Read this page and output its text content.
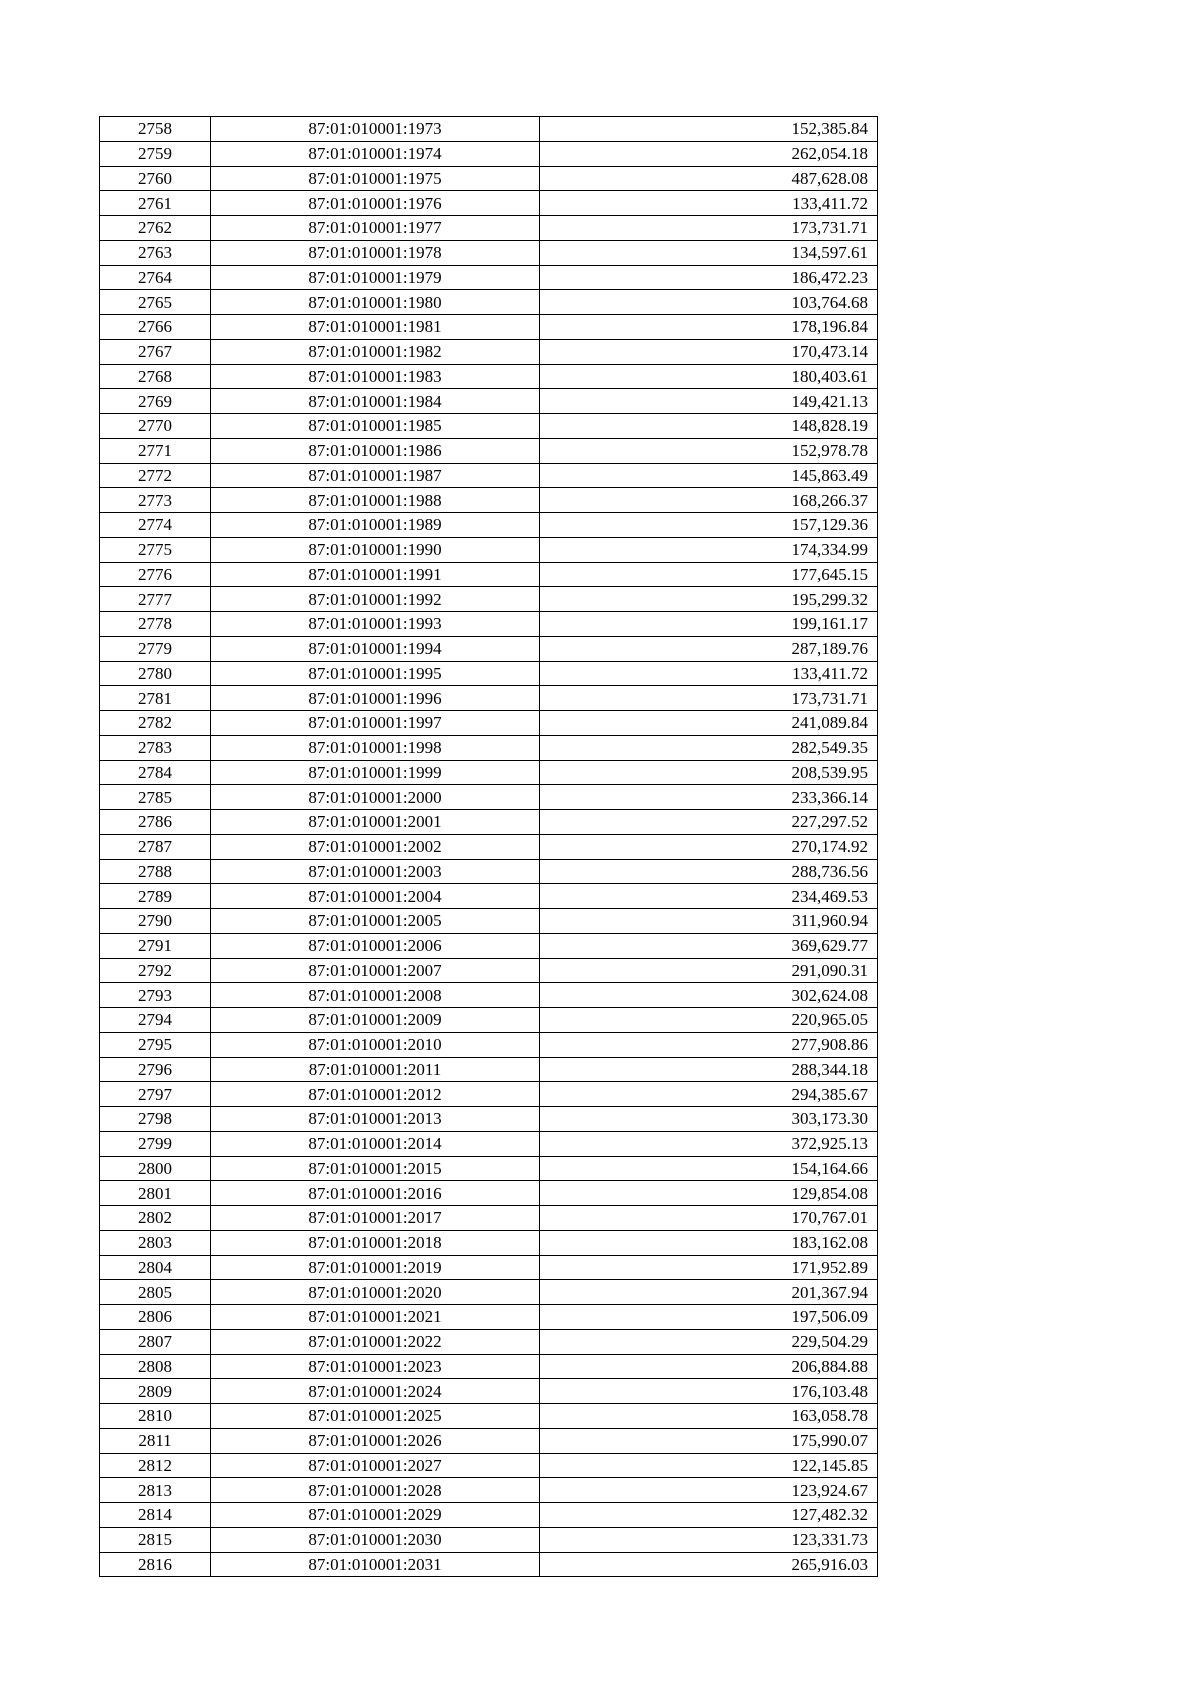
2758	87:01:010001:1973	152,385.84
2759	87:01:010001:1974	262,054.18
2760	87:01:010001:1975	487,628.08
2761	87:01:010001:1976	133,411.72
2762	87:01:010001:1977	173,731.71
2763	87:01:010001:1978	134,597.61
2764	87:01:010001:1979	186,472.23
2765	87:01:010001:1980	103,764.68
2766	87:01:010001:1981	178,196.84
2767	87:01:010001:1982	170,473.14
2768	87:01:010001:1983	180,403.61
2769	87:01:010001:1984	149,421.13
2770	87:01:010001:1985	148,828.19
2771	87:01:010001:1986	152,978.78
2772	87:01:010001:1987	145,863.49
2773	87:01:010001:1988	168,266.37
2774	87:01:010001:1989	157,129.36
2775	87:01:010001:1990	174,334.99
2776	87:01:010001:1991	177,645.15
2777	87:01:010001:1992	195,299.32
2778	87:01:010001:1993	199,161.17
2779	87:01:010001:1994	287,189.76
2780	87:01:010001:1995	133,411.72
2781	87:01:010001:1996	173,731.71
2782	87:01:010001:1997	241,089.84
2783	87:01:010001:1998	282,549.35
2784	87:01:010001:1999	208,539.95
2785	87:01:010001:2000	233,366.14
2786	87:01:010001:2001	227,297.52
2787	87:01:010001:2002	270,174.92
2788	87:01:010001:2003	288,736.56
2789	87:01:010001:2004	234,469.53
2790	87:01:010001:2005	311,960.94
2791	87:01:010001:2006	369,629.77
2792	87:01:010001:2007	291,090.31
2793	87:01:010001:2008	302,624.08
2794	87:01:010001:2009	220,965.05
2795	87:01:010001:2010	277,908.86
2796	87:01:010001:2011	288,344.18
2797	87:01:010001:2012	294,385.67
2798	87:01:010001:2013	303,173.30
2799	87:01:010001:2014	372,925.13
2800	87:01:010001:2015	154,164.66
2801	87:01:010001:2016	129,854.08
2802	87:01:010001:2017	170,767.01
2803	87:01:010001:2018	183,162.08
2804	87:01:010001:2019	171,952.89
2805	87:01:010001:2020	201,367.94
2806	87:01:010001:2021	197,506.09
2807	87:01:010001:2022	229,504.29
2808	87:01:010001:2023	206,884.88
2809	87:01:010001:2024	176,103.48
2810	87:01:010001:2025	163,058.78
2811	87:01:010001:2026	175,990.07
2812	87:01:010001:2027	122,145.85
2813	87:01:010001:2028	123,924.67
2814	87:01:010001:2029	127,482.32
2815	87:01:010001:2030	123,331.73
2816	87:01:010001:2031	265,916.03
